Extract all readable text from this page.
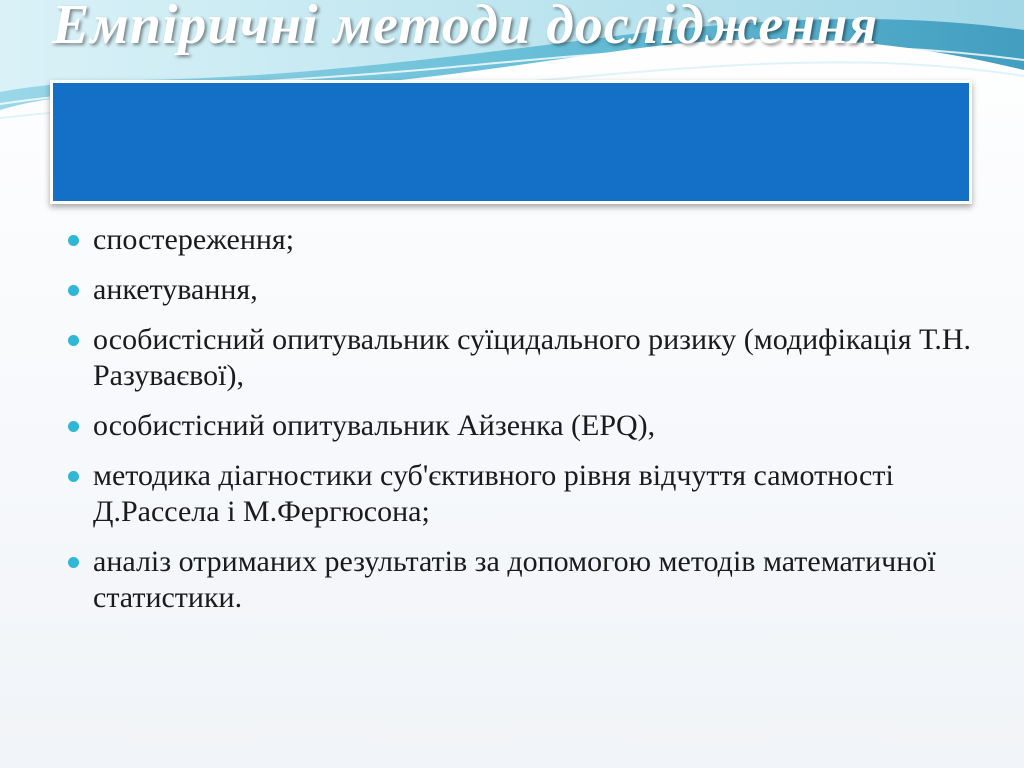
Емпіричні методи дослідження
спостереження;
анкетування,
особистісний опитувальник суїцидального ризику (модифікація Т.Н. Разуваєвої),
особистісний опитувальник Айзенка (EPQ),
методика діагностики суб'єктивного рівня відчуття самотності Д.Рассела і М.Фергюсона;
аналіз отриманих результатів за допомогою методів математичної статистики.
